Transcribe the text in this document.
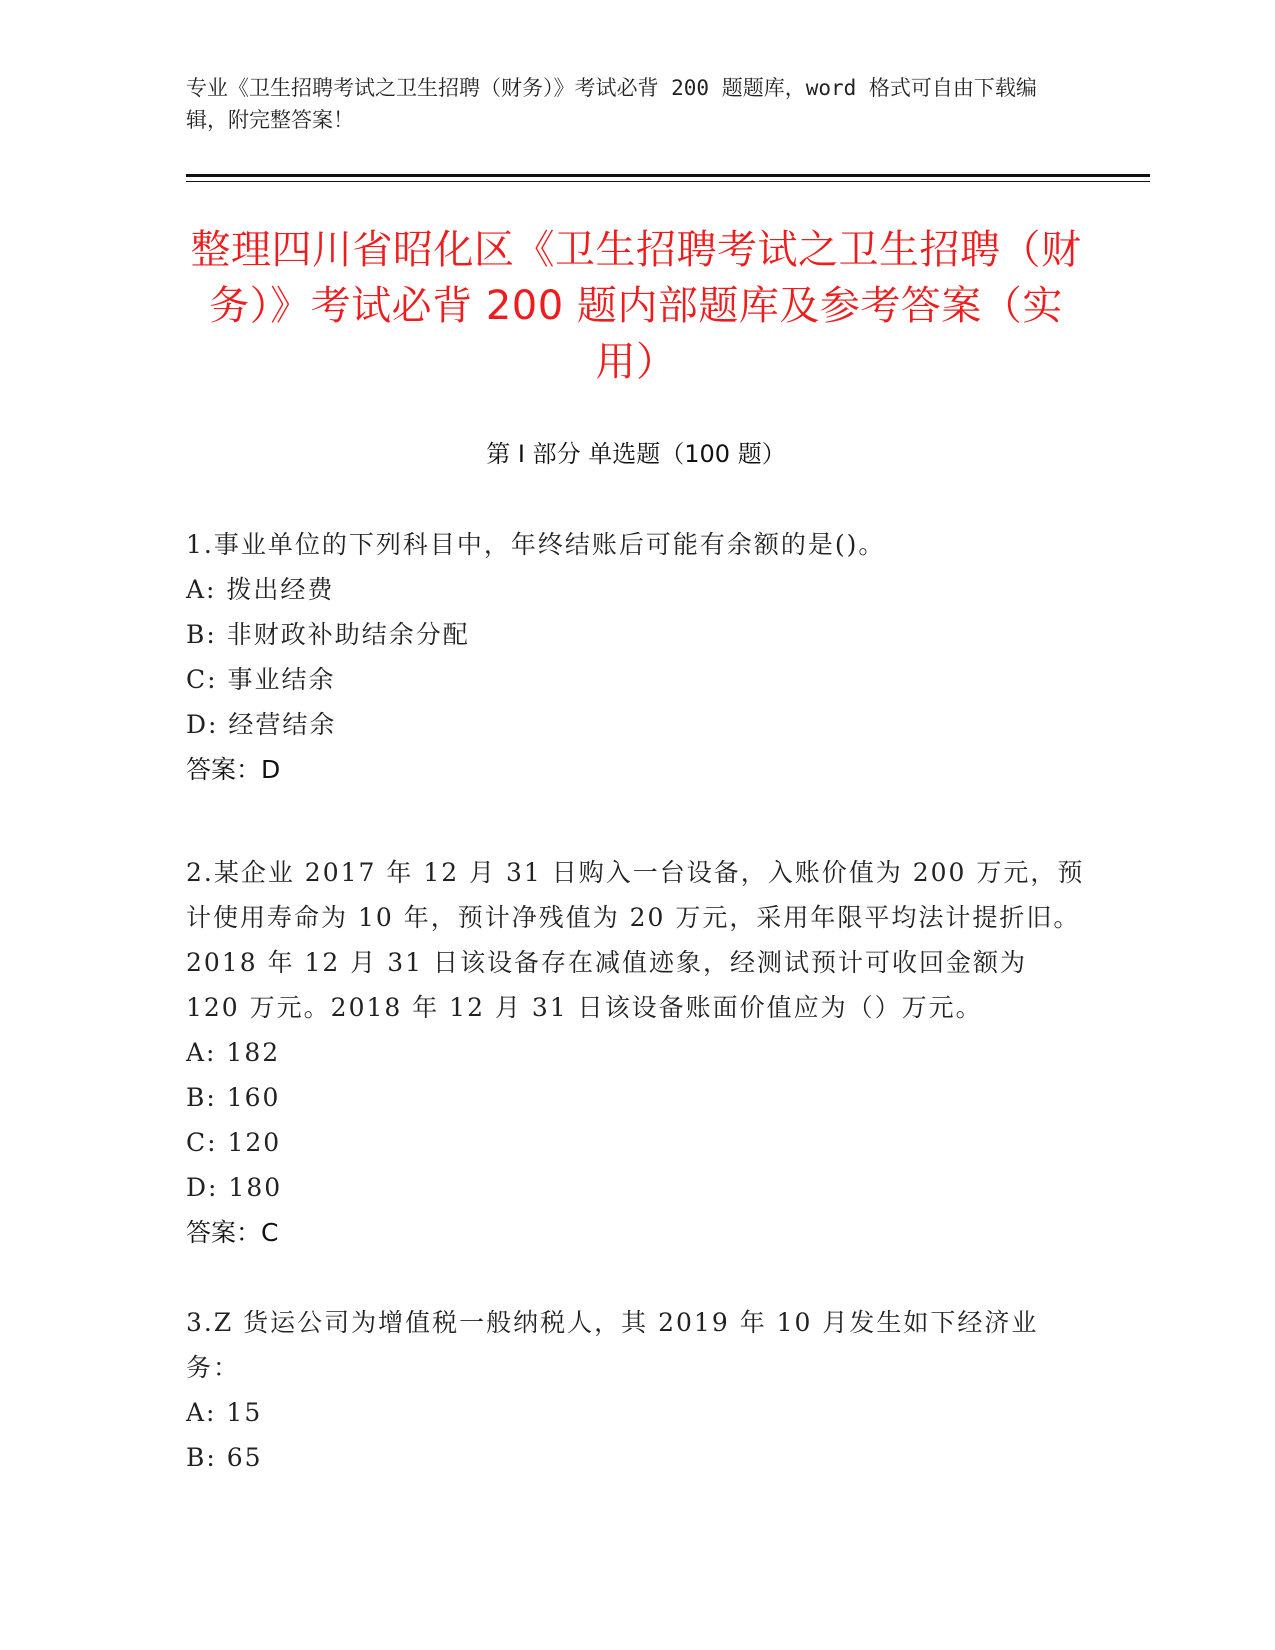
专业《卫生招聘考试之卫生招聘（财务）》考试必背 200 题题库，word 格式可自由下载编辑，附完整答案！
整理四川省昭化区《卫生招聘考试之卫生招聘（财务）》考试必背 200 题内部题库及参考答案（实用）
第 I 部分 单选题（100 题）
1.事业单位的下列科目中，年终结账后可能有余额的是()。
A: 拨出经费
B: 非财政补助结余分配
C: 事业结余
D: 经营结余
答案：D
2.某企业 2017 年 12 月 31 日购入一台设备，入账价值为 200 万元，预计使用寿命为 10 年，预计净残值为 20 万元，采用年限平均法计提折旧。2018 年 12 月 31 日该设备存在减值迹象，经测试预计可收回金额为 120 万元。2018 年 12 月 31 日该设备账面价值应为（）万元。
A: 182
B: 160
C: 120
D: 180
答案：C
3.Z 货运公司为增值税一般纳税人，其 2019 年 10 月发生如下经济业务：
A: 15
B: 65
